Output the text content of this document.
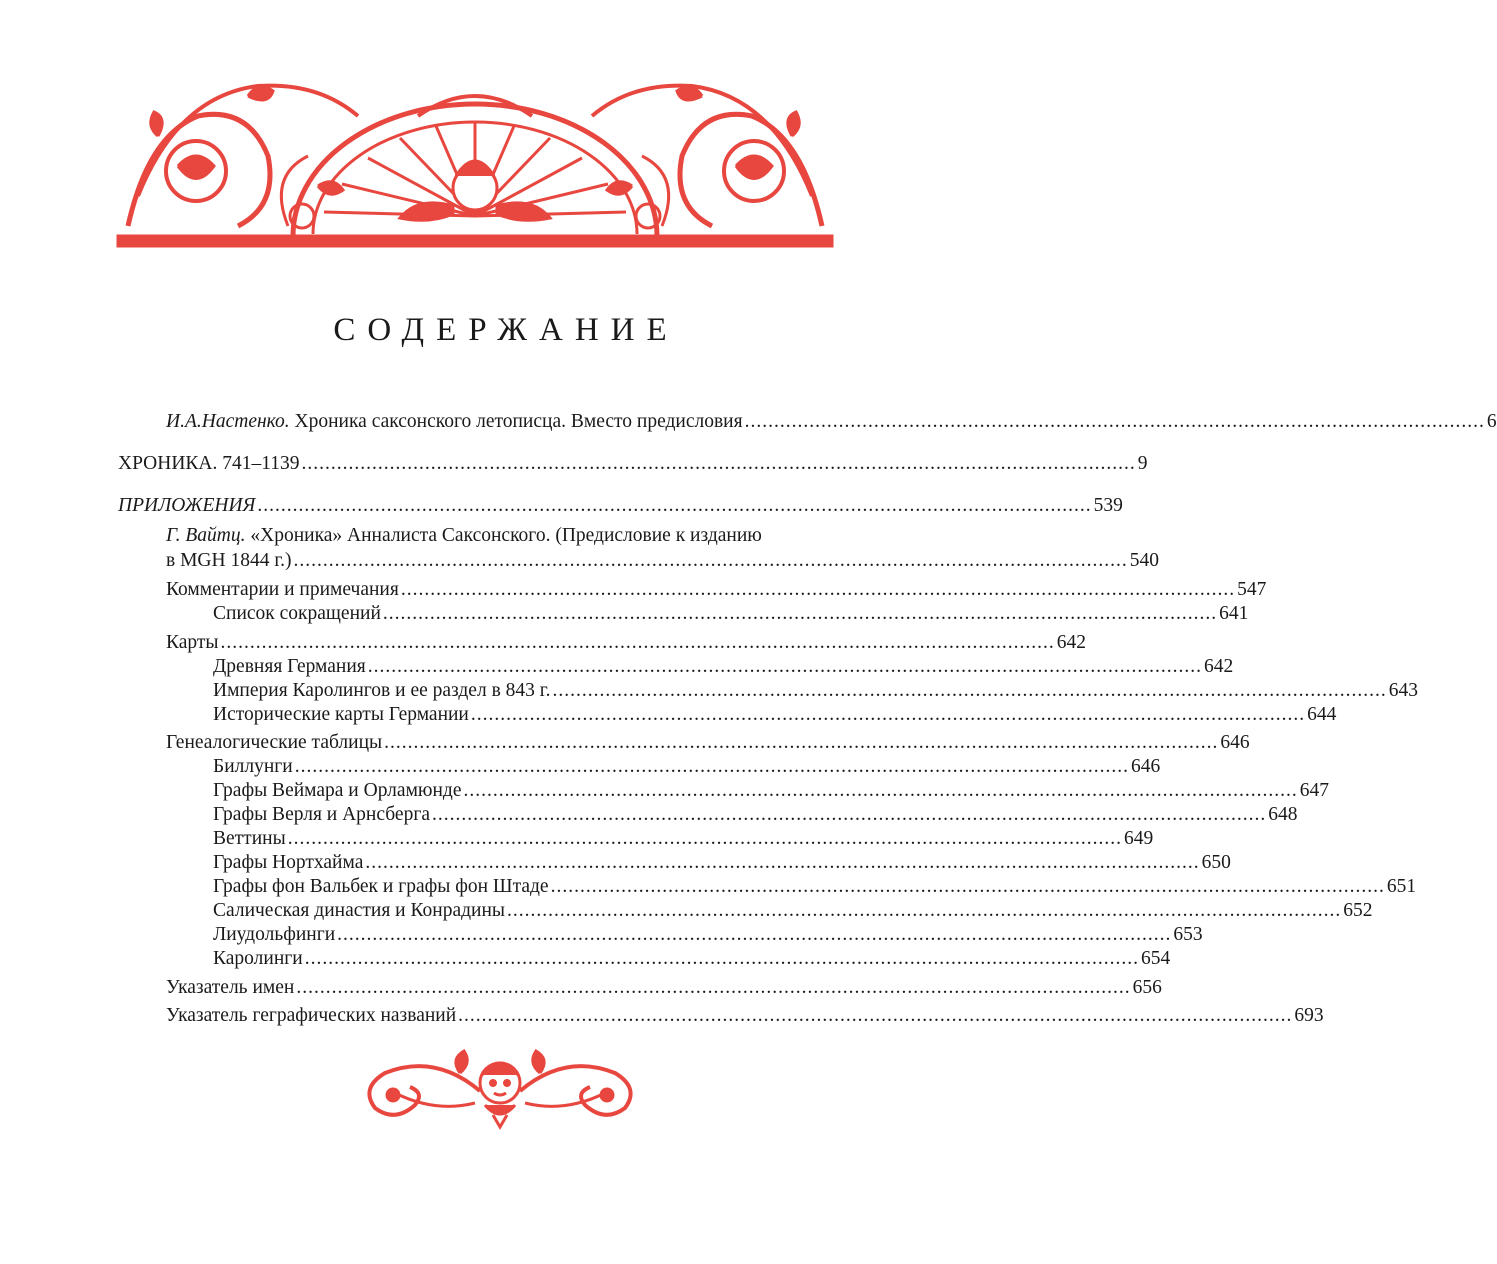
СОДЕРЖАНИЕ
И.А.Настенко. Хроника саксонского летописца. Вместо предисловия .............................................................................................................................. 6
ХРОНИКА. 741–1139 .............................................................................................................................................. 9
ПРИЛОЖЕНИЯ .............................................................................................................................................. 539
Г. Вайтц. «Хроника» Анналиста Саксонского. (Предисловие к изданию
в MGH 1844 г.) .............................................................................................................................................. 540
Комментарии и примечания .............................................................................................................................................. 547
Список сокращений .............................................................................................................................................. 641
Карты .............................................................................................................................................. 642
Древняя Германия .............................................................................................................................................. 642
Империя Каролингов и ее раздел в 843 г. .............................................................................................................................................. 643
Исторические карты Германии .............................................................................................................................................. 644
Генеалогические таблицы .............................................................................................................................................. 646
Биллунги .............................................................................................................................................. 646
Графы Веймара и Орламюнде .............................................................................................................................................. 647
Графы Верля и Арнсберга .............................................................................................................................................. 648
Веттины .............................................................................................................................................. 649
Графы Нортхайма .............................................................................................................................................. 650
Графы фон Вальбек и графы фон Штаде .............................................................................................................................................. 651
Салическая династия и Конрадины .............................................................................................................................................. 652
Лиудольфинги .............................................................................................................................................. 653
Каролинги .............................................................................................................................................. 654
Указатель имен .............................................................................................................................................. 656
Указатель геграфических названий .............................................................................................................................................. 693
